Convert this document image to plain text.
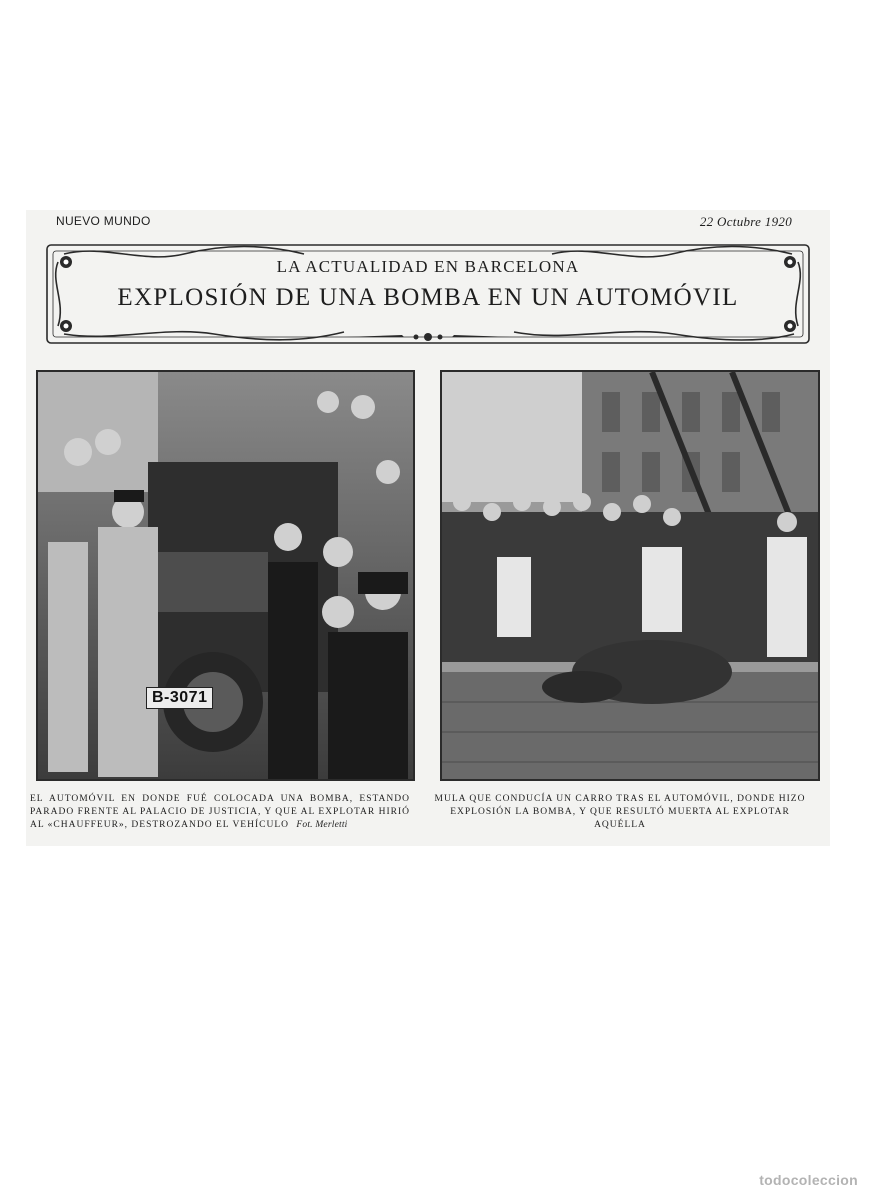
NUEVO MUNDO	22 Octubre 1920
LA ACTUALIDAD EN BARCELONA
EXPLOSIÓN DE UNA BOMBA EN UN AUTOMÓVIL
B-3071
EL AUTOMÓVIL EN DONDE FUÉ COLOCADA UNA BOMBA, ESTANDO PARADO FRENTE AL PALACIO DE JUSTICIA, Y QUE AL EXPLOTAR HIRIÓ AL «CHAUFFEUR», DESTROZANDO EL VEHÍCULO Fot. Merletti
MULA QUE CONDUCÍA UN CARRO TRAS EL AUTOMÓVIL, DONDE HIZO EXPLOSIÓN LA BOMBA, Y QUE RESULTÓ MUERTA AL EXPLOTAR AQUÉLLA
todocoleccion
